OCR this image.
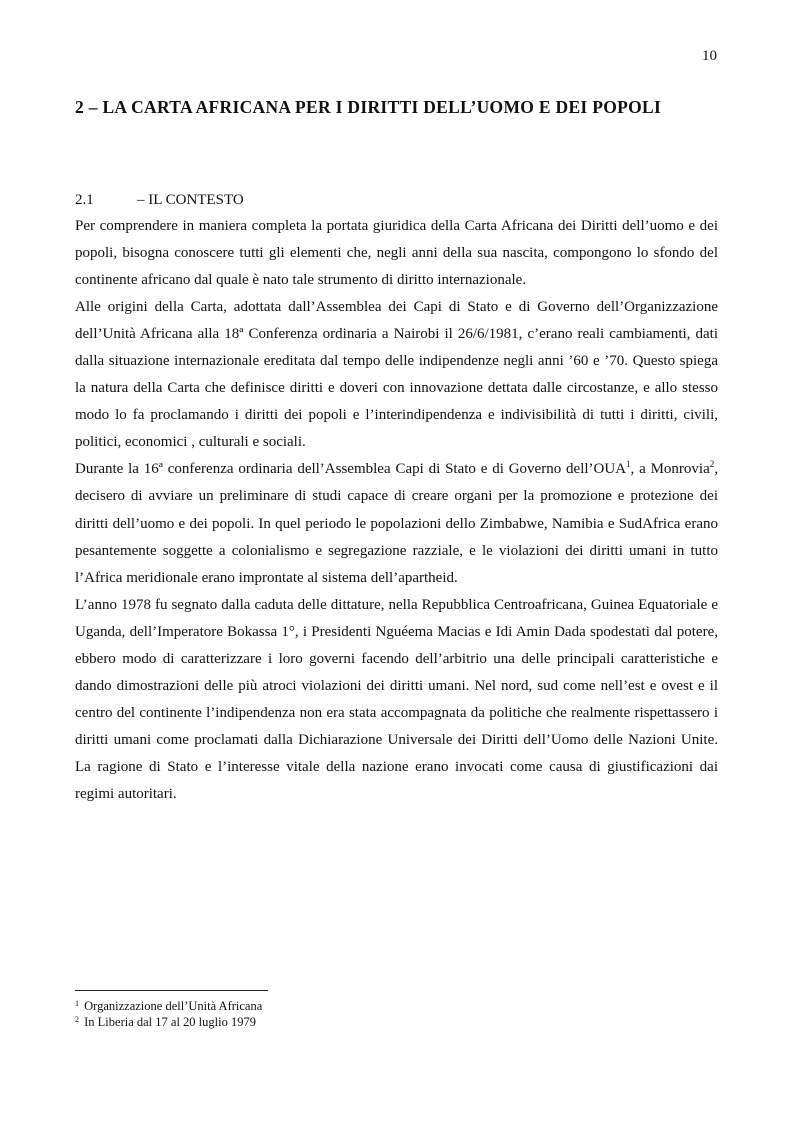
10
2 – LA CARTA AFRICANA PER I DIRITTI DELL’UOMO E DEI POPOLI
2.1	– IL CONTESTO

Per comprendere in maniera completa la portata giuridica della Carta Africana dei Diritti dell’uomo e dei popoli, bisogna conoscere tutti gli elementi che, negli anni della sua nascita, compongono lo sfondo del continente africano dal quale è nato tale strumento di diritto internazionale.

Alle origini della Carta, adottata dall’Assemblea dei Capi di Stato e di Governo dell’Organizzazione dell’Unità Africana alla 18ª Conferenza ordinaria a Nairobi il 26/6/1981, c’erano reali cambiamenti, dati dalla situazione internazionale ereditata dal tempo delle indipendenze negli anni ’60 e ’70. Questo spiega la natura della Carta che definisce diritti e doveri con innovazione dettata dalle circostanze, e allo stesso modo lo fa proclamando i diritti dei popoli e l’interindipendenza e indivisibilità di tutti i diritti, civili, politici, economici , culturali e sociali.

Durante la 16ª conferenza ordinaria dell’Assemblea Capi di Stato e di Governo dell’OUA$^1$, a Monrovia$^2$, decisero di avviare un preliminare di studi capace di creare organi per la promozione e protezione dei diritti dell’uomo e dei popoli. In quel periodo le popolazioni dello Zimbabwe, Namibia e SudAfrica erano pesantemente soggette a colonialismo e segregazione razziale, e le violazioni dei diritti umani in tutto l’Africa meridionale erano improntate al sistema dell’apartheid.

L’anno 1978 fu segnato dalla caduta delle dittature, nella Repubblica Centroafricana, Guinea Equatoriale e Uganda, dell’Imperatore Bokassa 1°, i Presidenti Nguéema Macias e Idi Amin Dada spodestati dal potere, ebbero modo di caratterizzare i loro governi facendo dell’arbitrio una delle principali caratteristiche e dando dimostrazioni delle più atroci violazioni dei diritti umani. Nel nord, sud come nell’est e ovest e il centro del continente l’indipendenza non era stata accompagnata da politiche che realmente rispettassero i diritti umani come proclamati dalla Dichiarazione Universale dei Diritti dell’Uomo delle Nazioni Unite. La ragione di Stato e l’interesse vitale della nazione erano invocati come causa di giustificazioni dai regimi autoritari.

$^1$ Organizzazione dell’Unità Africana
$^2$ In Liberia dal 17 al 20 luglio 1979
